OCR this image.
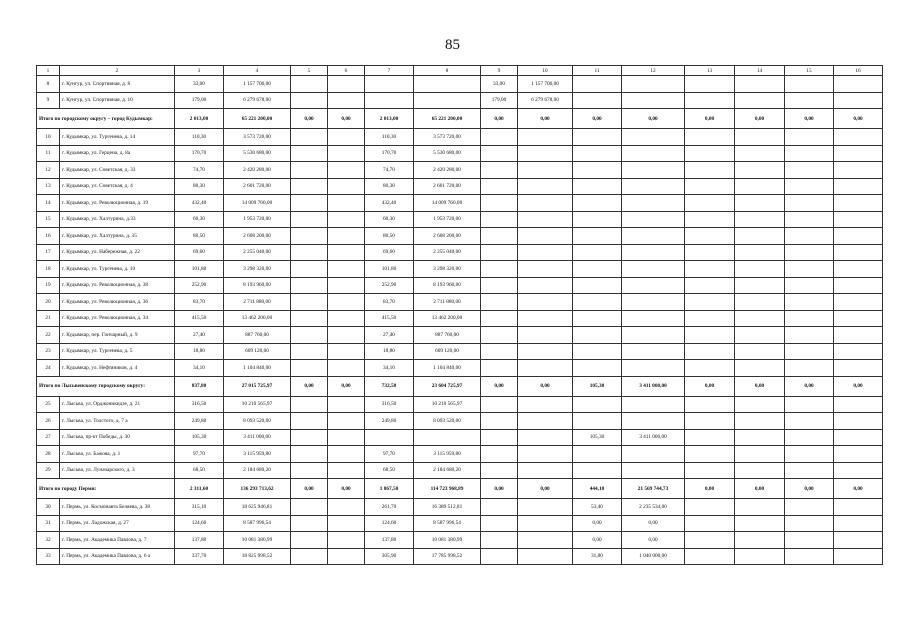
85
1	2	3	4	5	6	7	8	9	10	11	12	13	14	15	16
8	г. Кунгур, ул. Спортивная, д. 8	33,00	1 157 706,00					33,00	1 157 706,00						
9	г. Кунгур, ул. Спортивная, д. 10	179,00	6 279 678,00					179,00	6 279 678,00						
Итого по городскому округу – город Кудымкар:		2 013,00	65 221 200,00	0,00	0,00	2 013,00	65 221 200,00	0,00	0,00	0,00	0,00	0,00	0,00	0,00	0,00
10	г. Кудымкар, ул. Тургенева, д. 14	110,30	3 573 720,00			110,30	3 573 720,00								
11	г. Кудымкар, ул. Герцена, д. 8а	170,70	5 530 680,00			170,70	5 530 680,00								
12	г. Кудымкар, ул. Советская, д. 33	74,70	2 420 280,00			74,70	2 420 280,00								
13	г. Кудымкар, ул. Советская, д. 4	80,30	2 601 720,00			80,30	2 601 720,00								
14	г. Кудымкар, ул. Революционная, д. 19	432,40	14 009 760,00			432,40	14 009 760,00								
15	г. Кудымкар, ул. Халтурина, д.33	60,30	1 953 720,00			60,30	1 953 720,00								
16	г. Кудымкар, ул. Халтурина, д. 35	80,50	2 608 200,00			80,50	2 608 200,00								
17	г. Кудымкар, ул. Набережная, д. 22	69,60	2 255 040,00			69,60	2 255 040,00								
18	г. Кудымкар, ул. Тургенева, д. 10	101,80	3 298 320,00			101,80	3 298 320,00								
19	г. Кудымкар, ул. Революционная, д. 38	252,90	8 193 960,00			252,90	8 193 960,00								
20	г. Кудымкар, ул. Революционная, д. 36	83,70	2 711 880,00			83,70	2 711 880,00								
21	г. Кудымкар, ул. Революционная, д. 34	415,50	13 462 200,00			415,50	13 462 200,00								
22	г. Кудымкар, пер. Гончарный, д. 9	27,40	887 760,00			27,40	887 760,00								
23	г. Кудымкар, ул. Тургенева, д. 5	18,80	609 120,00			18,80	609 120,00								
24	г. Кудымкар, ул. Нефтяников, д. 4	34,10	1 104 840,00			34,10	1 104 840,00								
Итого по Лысьвенскому городскому округу:		837,80	27 015 725,97	0,00	0,00	732,50	23 604 725,97	0,00	0,00	105,30	3 411 000,00	0,00	0,00	0,00	0,00
25	г. Лысьва, ул. Орджоникидзе, д. 21	316,50	10 210 565,97			316,50	10 210 565,97								
26	г. Лысьва, ул. Толстого, д. 7 а	249,80	8 093 520,00			249,80	8 093 520,00								
27	г. Лысьва, пр-кт Победы, д. 30	105,30	3 411 000,00							105,30	3 411 000,00				
28	г. Лысьва, ул. Бажова, д. 1	97,70	3 115 959,80			97,70	3 115 959,80								
29	г. Лысьва, ул. Луначарского, д. 3	68,50	2 184 680,20			68,50	2 184 680,20								
Итого по городу Перми:		2 311,60	136 293 713,62	0,00	0,00	1 867,50	114 723 968,89	0,00	0,00	444,10	21 569 744,73	0,00	0,00	0,00	0,00
30	г. Пермь, ул. Космонавта Беляева, д. 38	315,10	18 625 946,81			261,70	16 389 512,81			53,40	2 235 534,00				
31	г. Пермь, ул. Ладожская, д. 27	124,60	8 587 996,54			124,60	8 587 996,54			0,00	0,00				
32	г. Пермь, ул. Академика Павлова, д. 7	137,80	10 081 380,99			137,80	10 081 380,99			0,00	0,00				
33	г. Пермь, ул. Академика Павлова, д. 6 а	337,70	18 825 998,52			305,90	17 785 998,52			31,80	1 040 000,00				
